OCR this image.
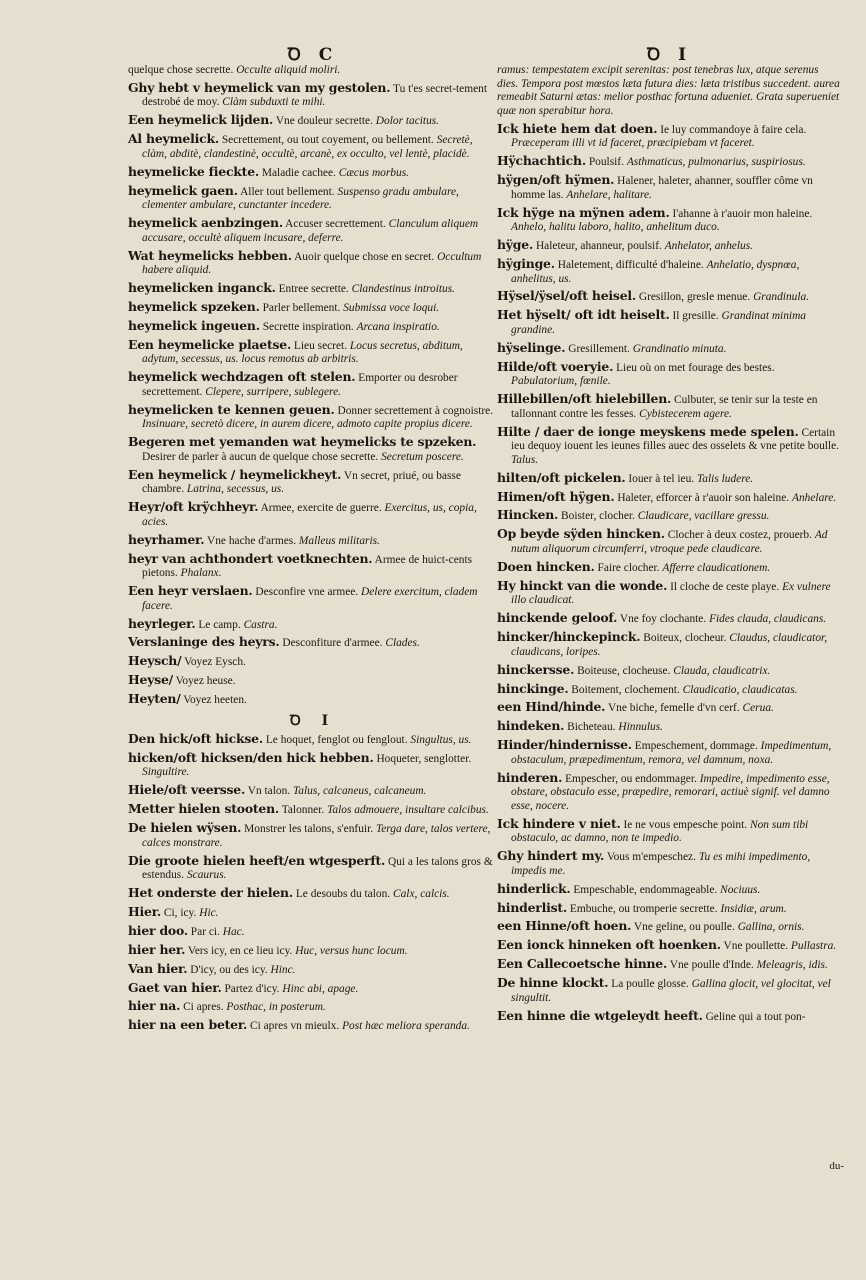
Ꝺ C
quelque chose secrette. Occulte aliquid moliri.
Ghy hebt v heymelick van my gestolen. Tu t'es secret-tement destrobé de moy. Clàm subduxti te mihi.
Een heymelick lijden. Vne douleur secrette. Dolor tacitus.
Al heymelick. Secrettement, ou tout coyement, ou bellement. Secretè, clàm, abditè, clandestinè, occultè, arcanè, ex occulto, vel lentè, placidè.
heymelicke fieckte. Maladie cachee. Cæcus morbus.
heymelick gaen. Aller tout bellement. Suspenso gradu ambulare, clementer ambulare, cunctanter incedere.
heymelick aenbzingen. Accuser secrettement. Clanculum aliquem accusare, occultè aliquem incusare, deferre.
Wat heymelicks hebben. Auoir quelque chose en secret. Occultum habere aliquid.
heymelicken inganck. Entree secrette. Clandestinus introitus.
heymelick spzeken. Parler bellement. Submissa voce loqui.
heymelick ingeuen. Secrette inspiration. Arcana inspiratio.
Een heymelicke plaetse. Lieu secret. Locus secretus, abditum, adytum, secessus, us. locus remotus ab arbitris.
heymelick wechdzagen oft stelen. Emporter ou desrober secrettement. Clepere, surripere, sublegere.
heymelicken te kennen geuen. Donner secrettement à cognoistre. Insinuare, secretò dicere, in aurem dicere, admoto capite propius dicere.
Begeren met yemanden wat heymelicks te spzeken. Desirer de parler à aucun de quelque chose secrette. Secretum poscere.
Een heymelick / heymelickheyt. Vn secret, priué, ou basse chambre. Latrina, secessus, us.
Heyr/oft krÿchheyr. Armee, exercite de guerre. Exercitus, us, copia, acies.
heyrhamer. Vne hache d'armes. Malleus militaris.
heyr van achthondert voetknechten. Armee de huict-cents pietons. Phalanx.
Een heyr verslaen. Desconfire vne armee. Delere exercitum, cladem facere.
heyrleger. Le camp. Castra.
Verslaninge des heyrs. Desconfiture d'armee. Clades.
Heysch/ Voyez Eysch.
Heyse/ Voyez heuse.
Heyten/ Voyez heeten.
Ꝺ I
Den hick/oft hickse. Le hoquet, fenglot ou fenglout. Singultus, us.
hicken/oft hicksen/den hick hebben. Hoqueter, senglotter. Singultire.
Hiele/oft veersse. Vn talon. Talus, calcaneus, calcaneum.
Metter hielen stooten. Talonner. Talos admouere, insultare calcibus.
De hielen wÿsen. Monstrer les talons, s'enfuir. Terga dare, talos vertere, calces monstrare.
Die groote hielen heeft/en wtgesperft. Qui a les talons gros & estendus. Scaurus.
Het onderste der hielen. Le desoubs du talon. Calx, calcis.
Hier. Ci, icy. Hic.
hier doo. Par ci. Hac.
hier her. Vers icy, en ce lieu icy. Huc, versus hunc locum.
Van hier. D'icy, ou des icy. Hinc.
Gaet van hier. Partez d'icy. Hinc abi, apage.
hier na. Ci apres. Posthac, in posterum.
hier na een beter. Ci apres vn mieulx. Post hæc meliora speranda.
Ꝺ I
ramus: tempestatem excipit serenitas: post tenebras lux, atque serenus dies. Tempora post mœstos læta futura dies: læta tristibus succedent. aurea remeabit Saturni ætas: melior posthac fortuna adueniet. Grata superueniet quæ non sperabitur hora.
Ick hiete hem dat doen. Ie luy commandoye à faire cela. Præceperam illi vt id faceret, præcipiebam vt faceret.
Hÿchachtich. Poulsif. Asthmaticus, pulmonarius, suspiriosus.
hÿgen/oft hÿmen. Halener, haleter, ahanner, souffler côme vn homme las. Anhelare, halitare.
Ick hÿge na mÿnen adem. I'ahanne à r'auoir mon haleine. Anhelo, halitu laboro, halito, anhelitum duco.
hÿge. Haleteur, ahanneur, poulsif. Anhelator, anhelus.
hÿginge. Haletement, difficulté d'haleine. Anhelatio, dyspnœa, anhelitus, us.
Hÿsel/ÿsel/oft heisel. Gresillon, gresle menue. Grandinula.
Het hÿselt/ oft idt heiselt. Il gresille. Grandinat minima grandine.
hÿselinge. Gresillement. Grandinatio minuta.
Hilde/oft voeryie. Lieu où on met fourage des bestes. Pabulatorium, fœnile.
Hillebillen/oft hielebillen. Culbuter, se tenir sur la teste en tallonnant contre les fesses. Cybistecerem agere.
Hilte / daer de ionge meyskens mede spelen. Certain ieu dequoy iouent les ieunes filles auec des osselets & vne petite boulle. Talus.
hilten/oft pickelen. Iouer à tel ieu. Talis ludere.
Himen/oft hÿgen. Haleter, efforcer à r'auoir son haleine. Anhelare.
Hincken. Boister, clocher. Claudicare, vacillare gressu.
Op beyde sÿden hincken. Clocher à deux costez, prouerb. Ad nutum aliquorum circumferri, vtroque pede claudicare.
Doen hincken. Faire clocher. Afferre claudicationem.
Hy hinckt van die wonde. Il cloche de ceste playe. Ex vulnere illo claudicat.
hinckende geloof. Vne foy clochante. Fides clauda, claudicans.
hincker/hinckepinck. Boiteux, clocheur. Claudus, claudicator, claudicans, loripes.
hinckersse. Boiteuse, clocheuse. Clauda, claudicatrix.
hinckinge. Boitement, clochement. Claudicatio, claudicatas.
een Hind/hinde. Vne biche, femelle d'vn cerf. Cerua.
hindeken. Bicheteau. Hinnulus.
Hinder/hindernisse. Empeschement, dommage. Impedimentum, obstaculum, præpedimentum, remora, vel damnum, noxa.
hinderen. Empescher, ou endommager. Impedire, impedimento esse, obstare, obstaculo esse, præpedire, remorari, actiuè signif. vel damno esse, nocere.
Ick hindere v niet. Ie ne vous empesche point. Non sum tibi obstaculo, ac damno, non te impedio.
Ghy hindert my. Vous m'empeschez. Tu es mihi impedimento, impedis me.
hinderlick. Empeschable, endommageable. Nociuus.
hinderlist. Embuche, ou tromperie secrette. Insidiæ, arum.
een Hinne/oft hoen. Vne geline, ou poulle. Gallina, ornis.
Een ionck hinneken oft hoenken. Vne poullette. Pullastra.
Een Callecoetsche hinne. Vne poulle d'Inde. Meleagris, idis.
De hinne klockt. La poulle glosse. Gallina glocit, vel glocitat, vel singultit.
Een hinne die wtgeleydt heeft. Geline qui a tout pon-
du-
